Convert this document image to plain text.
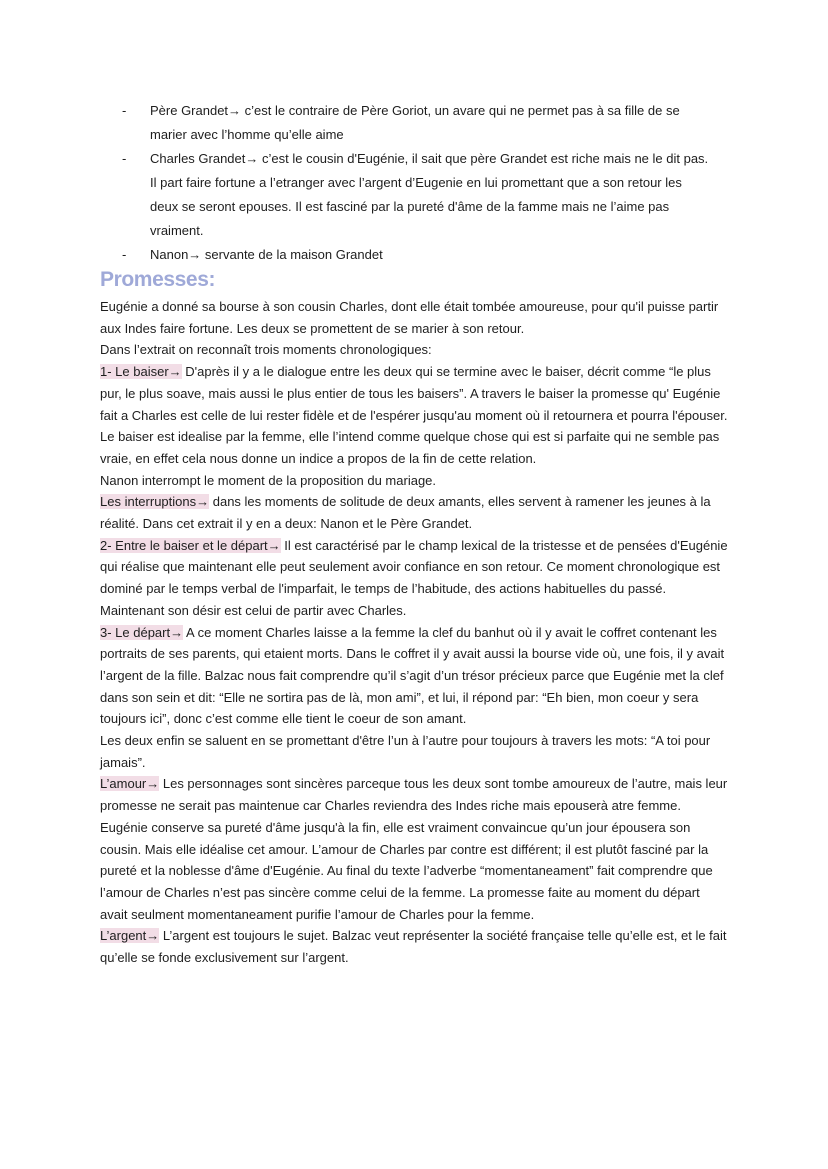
- Père Grandet→ c’est le contraire de Père Goriot, un avare qui ne permet pas à sa fille de se marier avec l’homme qu’elle aime
- Charles Grandet→ c’est le cousin d'Eugénie, il sait que père Grandet est riche mais ne le dit pas. Il part faire fortune a l’etranger avec l’argent d’Eugenie en lui promettant que a son retour les deux se seront epouses. Il est fasciné par la pureté d'âme de la famme mais ne l’aime pas vraiment.
- Nanon→ servante de la maison Grandet
Promesses:

Eugénie a donné sa bourse à son cousin Charles, dont elle était tombée amoureuse, pour qu'il puisse partir aux Indes faire fortune. Les deux se promettent de se marier à son retour.

Dans l’extrait on reconnaît trois moments chronologiques:

1- Le baiser→ D'après il y a le dialogue entre les deux qui se termine avec le baiser, décrit comme “le plus pur, le plus soave, mais aussi le plus entier de tous les baisers”. A travers le baiser la promesse qu' Eugénie fait a Charles est celle de lui rester fidèle et de l'espérer jusqu'au moment où il retournera et pourra l'épouser. Le baiser est idealise par la femme, elle l’intend comme quelque chose qui est si parfaite qui ne semble pas vraie, en effet cela nous donne un indice a propos de la fin de cette relation.

Nanon interrompt le moment de la proposition du mariage.

Les interruptions→ dans les moments de solitude de deux amants, elles servent à ramener les jeunes à la réalité. Dans cet extrait il y en a deux: Nanon et le Père Grandet.

2- Entre le baiser et le départ→ Il est caractérisé par le champ lexical de la tristesse et de pensées d'Eugénie qui réalise que maintenant elle peut seulement avoir confiance en son retour. Ce moment chronologique est dominé par le temps verbal de l'imparfait, le temps de l’habitude, des actions habituelles du passé. Maintenant son désir est celui de partir avec Charles.

3- Le départ→ A ce moment Charles laisse a la femme la clef du banhut où il y avait le coffret contenant les portraits de ses parents, qui etaient morts. Dans le coffret il y avait aussi la bourse vide où, une fois, il y avait l’argent de la fille. Balzac nous fait comprendre qu’il s’agit d’un trésor précieux parce que Eugénie met la clef dans son sein et dit: “Elle ne sortira pas de là, mon ami”, et lui, il répond par: “Eh bien, mon coeur y sera toujours ici”, donc c’est comme elle tient le coeur de son amant.

Les deux enfin se saluent en se promettant d'être l’un à l’autre pour toujours à travers les mots: “A toi pour jamais”.

L’amour→ Les personnages sont sincères parceque tous les deux sont tombe amoureux de l’autre, mais leur promesse ne serait pas maintenue car Charles reviendra des Indes riche mais epouserà atre femme. Eugénie conserve sa pureté d'âme jusqu'à la fin, elle est vraiment convaincue qu’un jour épousera son cousin. Mais elle idéalise cet amour. L’amour de Charles par contre est différent; il est plutôt fasciné par la pureté et la noblesse d'âme d'Eugénie. Au final du texte l’adverbe “momentaneament” fait comprendre que l’amour de Charles n’est pas sincère comme celui de la femme. La promesse faite au moment du départ avait seulment momentaneament purifie l’amour de Charles pour la femme.

L’argent→ L’argent est toujours le sujet. Balzac veut représenter la société française telle qu’elle est, et le fait qu’elle se fonde exclusivement sur l’argent.
